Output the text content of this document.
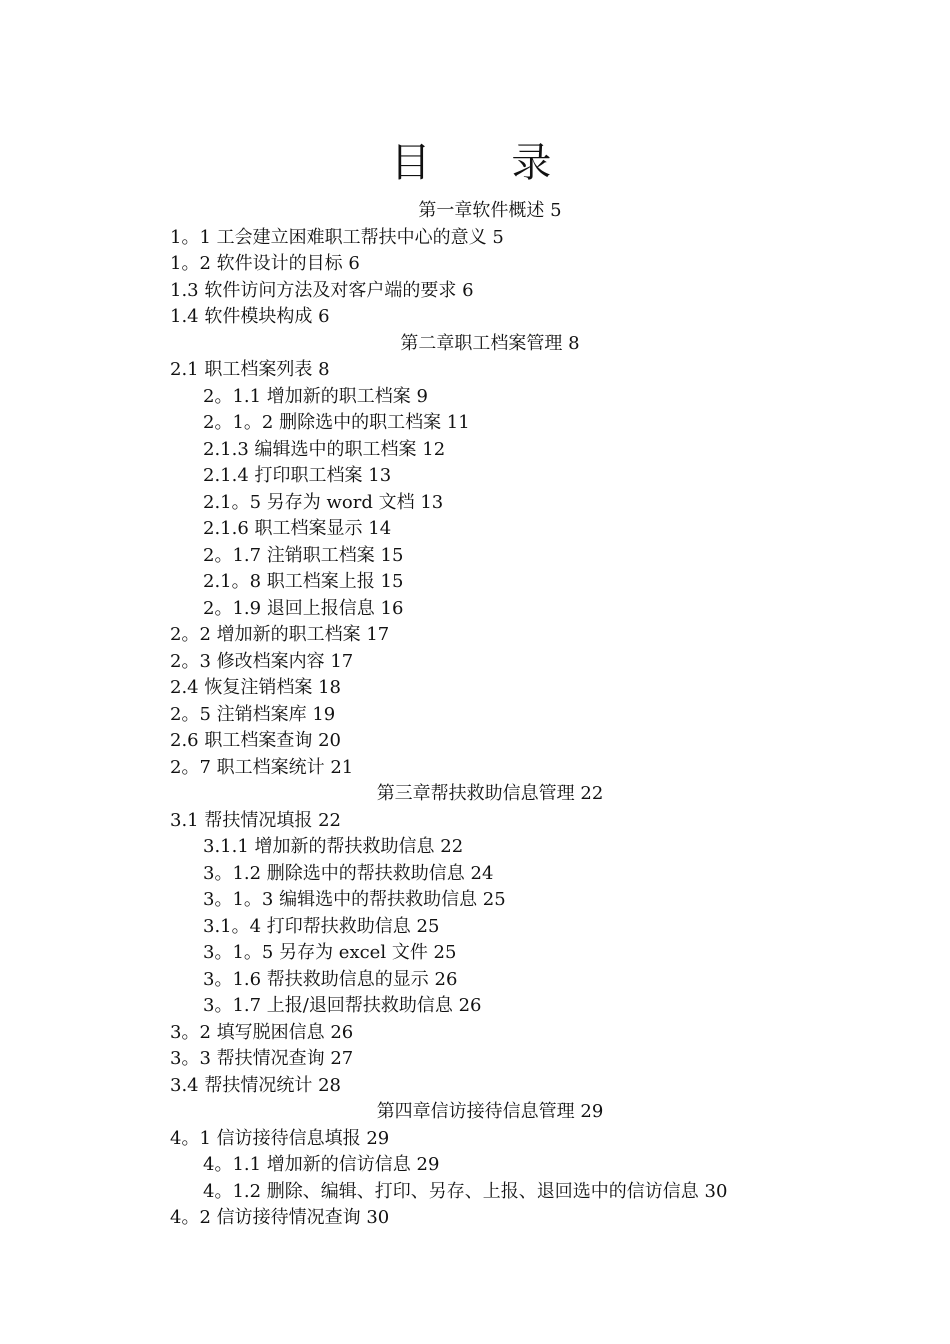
目 录
第一章软件概述 5
1。1 工会建立困难职工帮扶中心的意义 5
1。2 软件设计的目标 6
1.3 软件访问方法及对客户端的要求 6
1.4 软件模块构成 6
第二章职工档案管理 8
2.1 职工档案列表 8
2。1.1 增加新的职工档案 9
2。1。2 删除选中的职工档案 11
2.1.3 编辑选中的职工档案 12
2.1.4 打印职工档案 13
2.1。5 另存为 word 文档 13
2.1.6 职工档案显示 14
2。1.7 注销职工档案 15
2.1。8 职工档案上报 15
2。1.9 退回上报信息 16
2。2 增加新的职工档案 17
2。3 修改档案内容 17
2.4 恢复注销档案 18
2。5 注销档案库 19
2.6 职工档案查询 20
2。7 职工档案统计 21
第三章帮扶救助信息管理 22
3.1 帮扶情况填报 22
3.1.1 增加新的帮扶救助信息 22
3。1.2 删除选中的帮扶救助信息 24
3。1。3 编辑选中的帮扶救助信息 25
3.1。4 打印帮扶救助信息 25
3。1。5 另存为 excel 文件 25
3。1.6 帮扶救助信息的显示 26
3。1.7 上报/退回帮扶救助信息 26
3。2 填写脱困信息 26
3。3 帮扶情况查询 27
3.4 帮扶情况统计 28
第四章信访接待信息管理 29
4。1 信访接待信息填报 29
4。1.1 增加新的信访信息 29
4。1.2 删除、编辑、打印、另存、上报、退回选中的信访信息 30
4。2 信访接待情况查询 30
